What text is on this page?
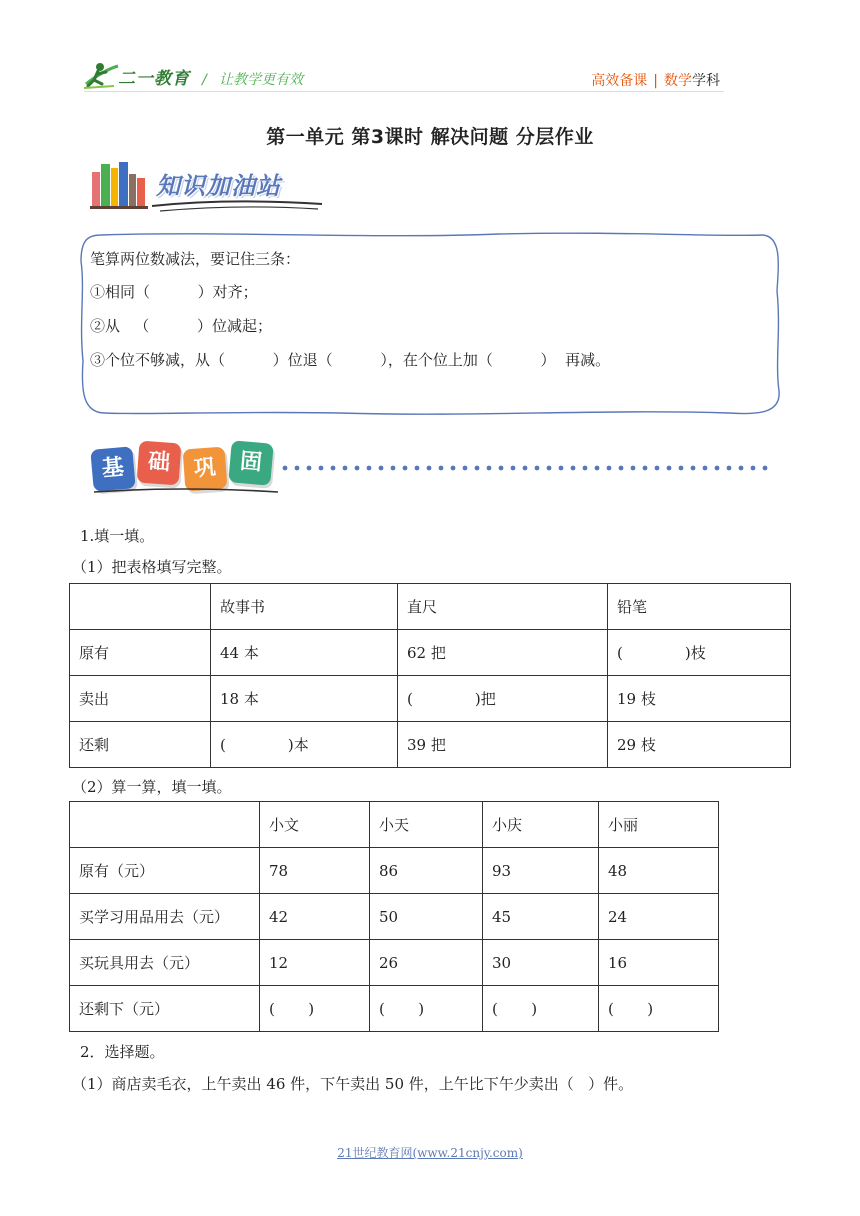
二一教育 / 让教学更有效	高效备课 | 数学学科
第一单元 第3课时 解决问题 分层作业
知识加油站
笔算两位数减法，要记住三条：
①相同（          ）对齐；
②从   （          ）位减起；
③个位不够减，从（          ）位退（          ），在个位上加（          ）  再减。
基	础	巩	固
1.填一填。
（1）把表格填写完整。
	故事书	直尺	铅笔
原有	44 本	62 把	(             )枝
卖出	18 本	(             )把	19 枝
还剩	(             )本	39 把	29 枝
（2）算一算，填一填。
	小文	小天	小庆	小丽
原有（元）	78	86	93	48
买学习用品用去（元）	42	50	45	24
买玩具用去（元）	12	26	30	16
还剩下（元）	(       )	(       )	(       )	(       )
2．选择题。
（1）商店卖毛衣，上午卖出 46 件，下午卖出 50 件，上午比下午少卖出（   ）件。
21世纪教育网(www.21cnjy.com)
